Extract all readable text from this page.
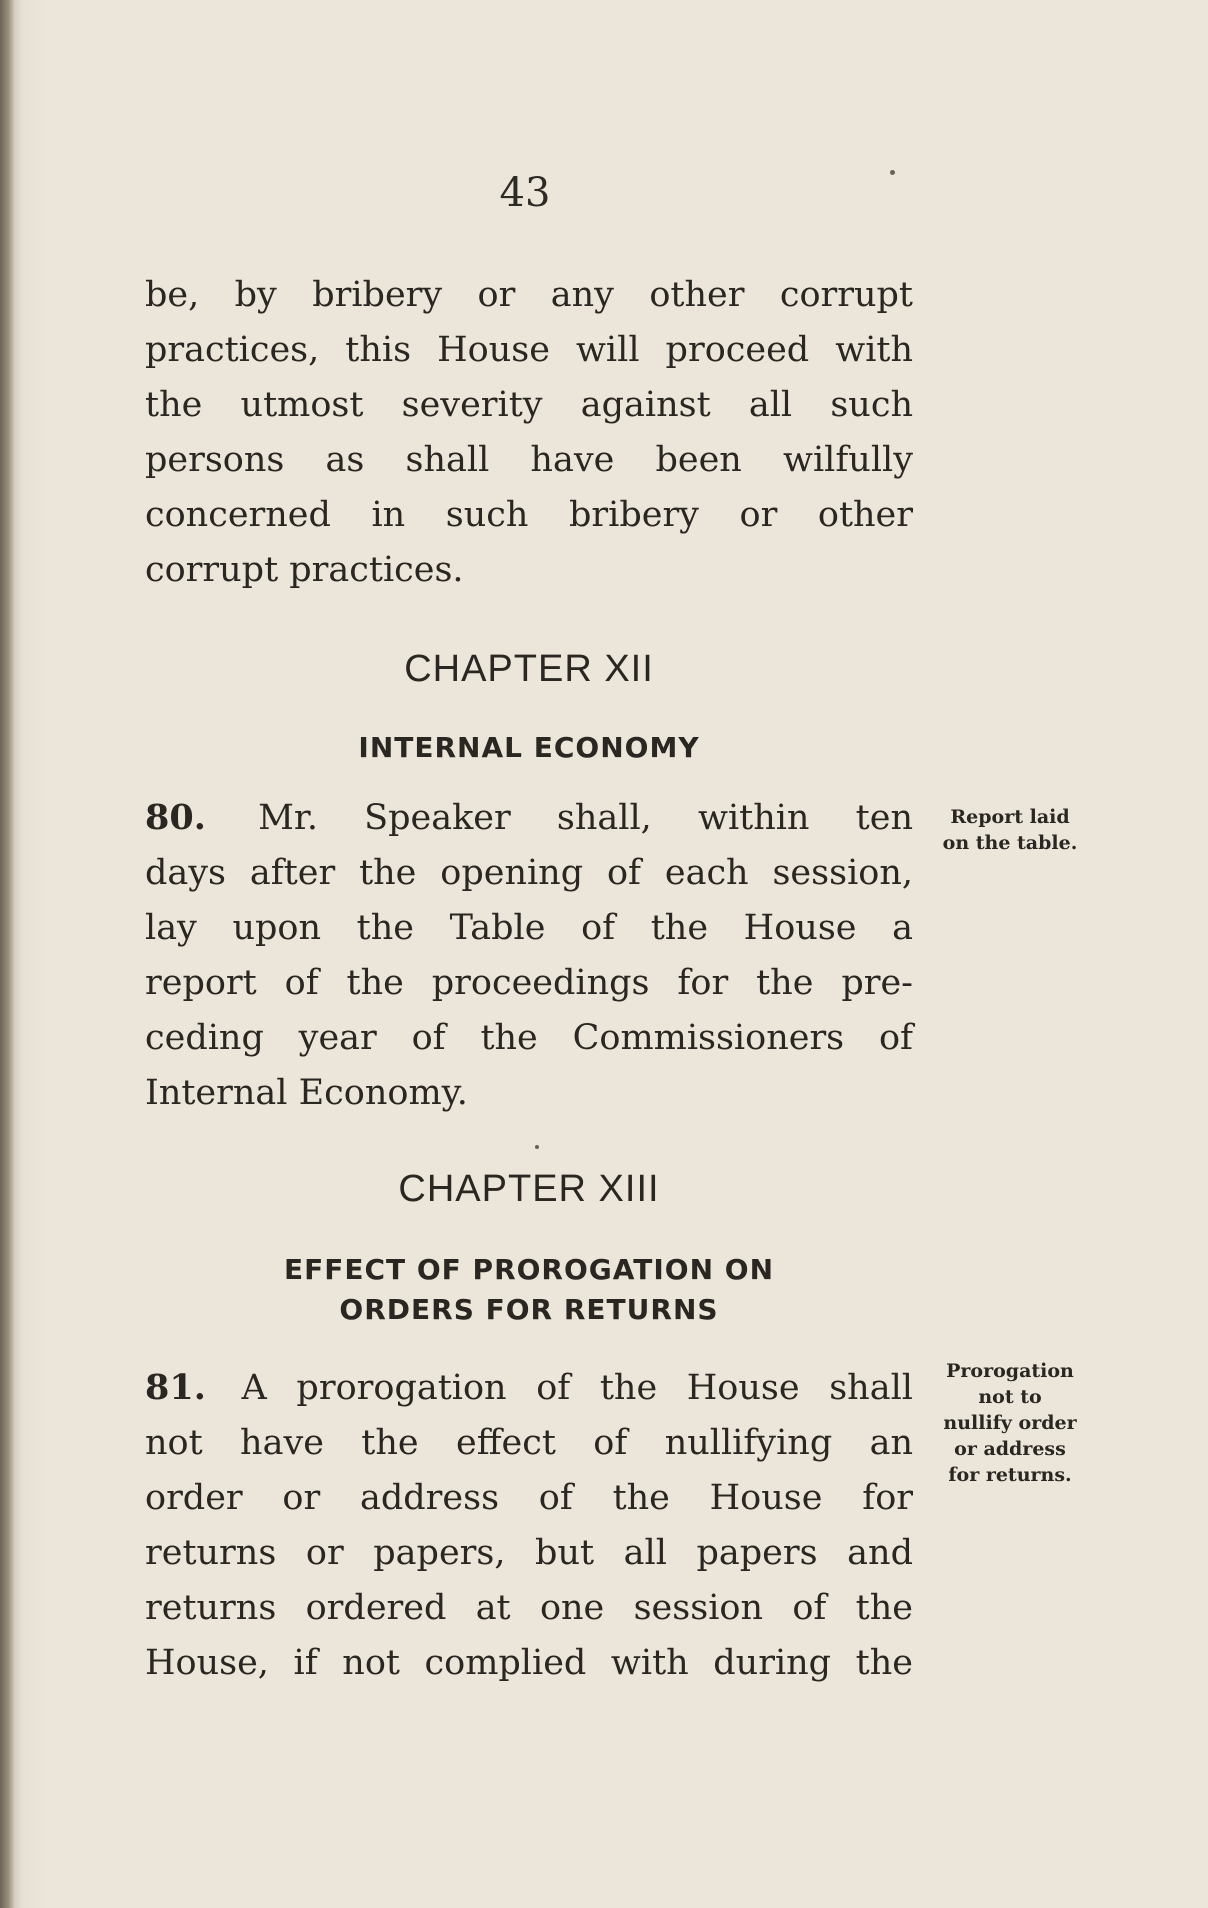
43
be, by bribery or any other corrupt
practices, this House will proceed with
the utmost severity against all such
persons as shall have been wilfully
concerned in such bribery or other
corrupt practices.
CHAPTER XII
INTERNAL ECONOMY
80. Mr. Speaker shall, within ten
days after the opening of each session,
lay upon the Table of the House a
report of the proceedings for the pre-
ceding year of the Commissioners of
Internal Economy.
Report laid
on the table.
CHAPTER XIII
EFFECT OF PROROGATION ON
ORDERS FOR RETURNS
81. A prorogation of the House shall
not have the effect of nullifying an
order or address of the House for
returns or papers, but all papers and
returns ordered at one session of the
House, if not complied with during the
Prorogation
not to
nullify order
or address
for returns.
